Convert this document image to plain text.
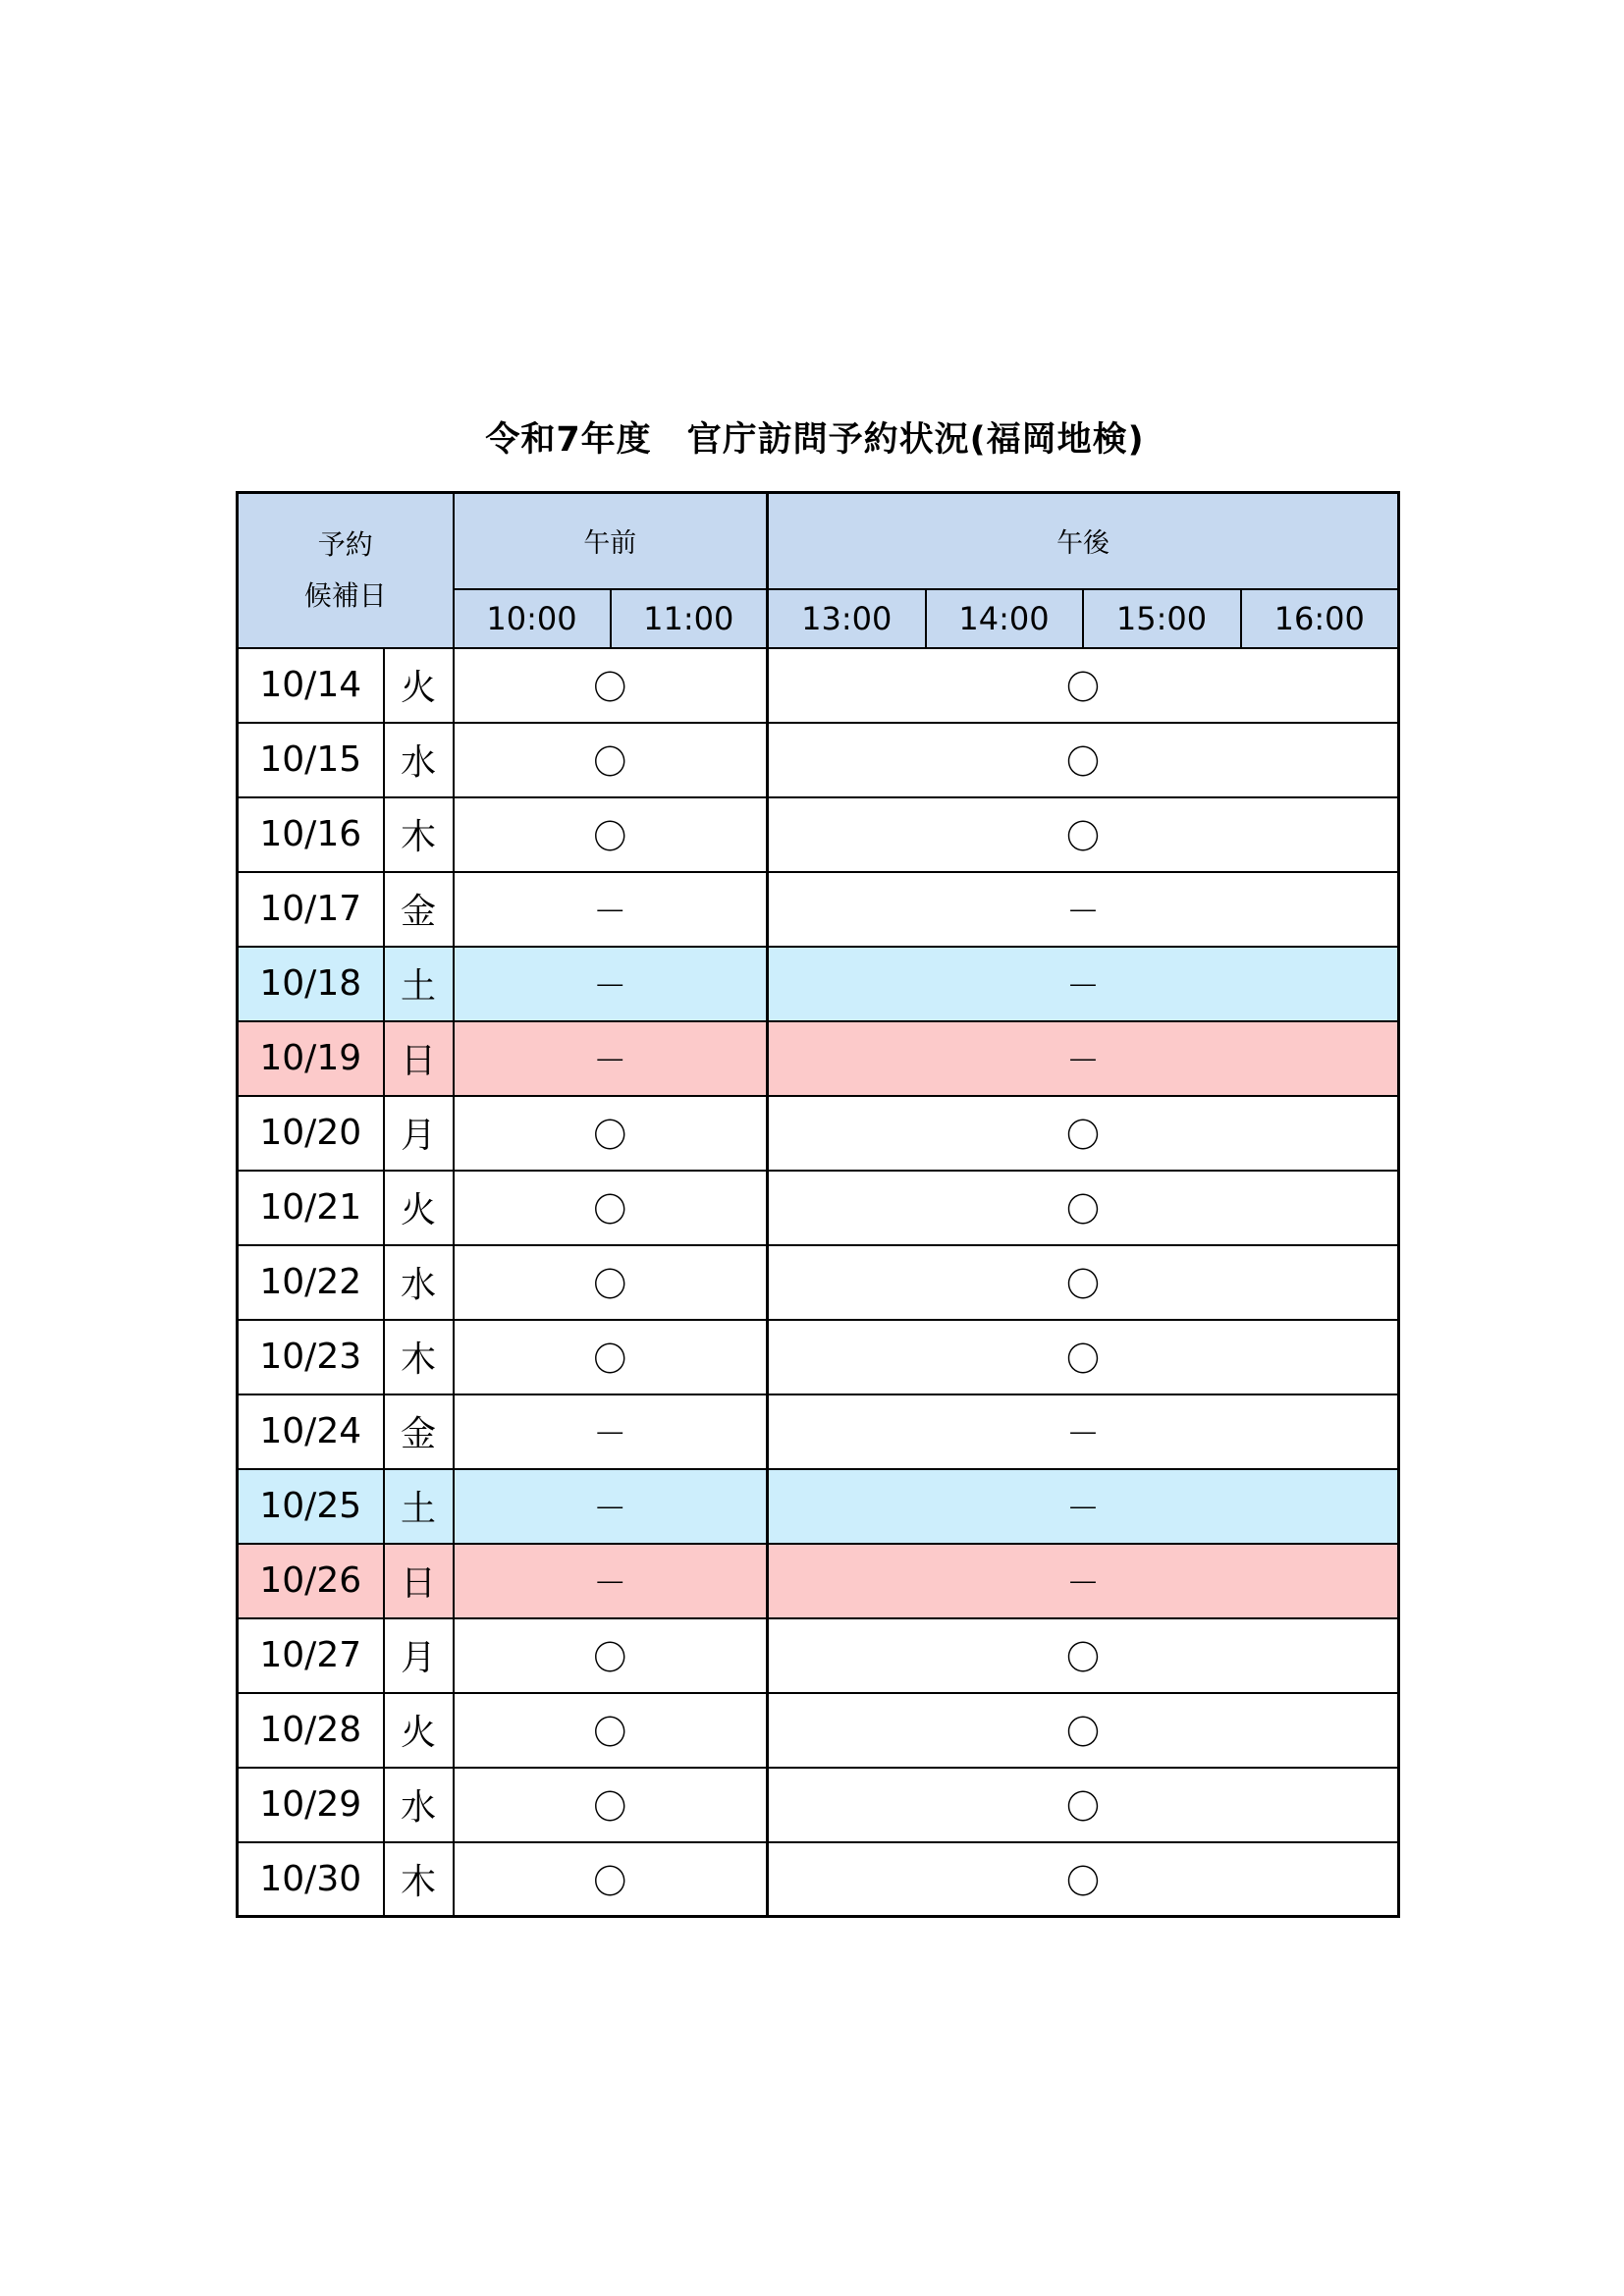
令和7年度　官庁訪問予約状況(福岡地検)
予約
候補日		午前		午後			
		10:00	11:00	13:00	14:00	15:00	16:00
10/14	火	〇		〇			
10/15	水	〇		〇			
10/16	木	〇		〇			
10/17	金	－		－			
10/18	土	－		－			
10/19	日	－		－			
10/20	月	〇		〇			
10/21	火	〇		〇			
10/22	水	〇		〇			
10/23	木	〇		〇			
10/24	金	－		－			
10/25	土	－		－			
10/26	日	－		－			
10/27	月	〇		〇			
10/28	火	〇		〇			
10/29	水	〇		〇			
10/30	木	〇		〇			
